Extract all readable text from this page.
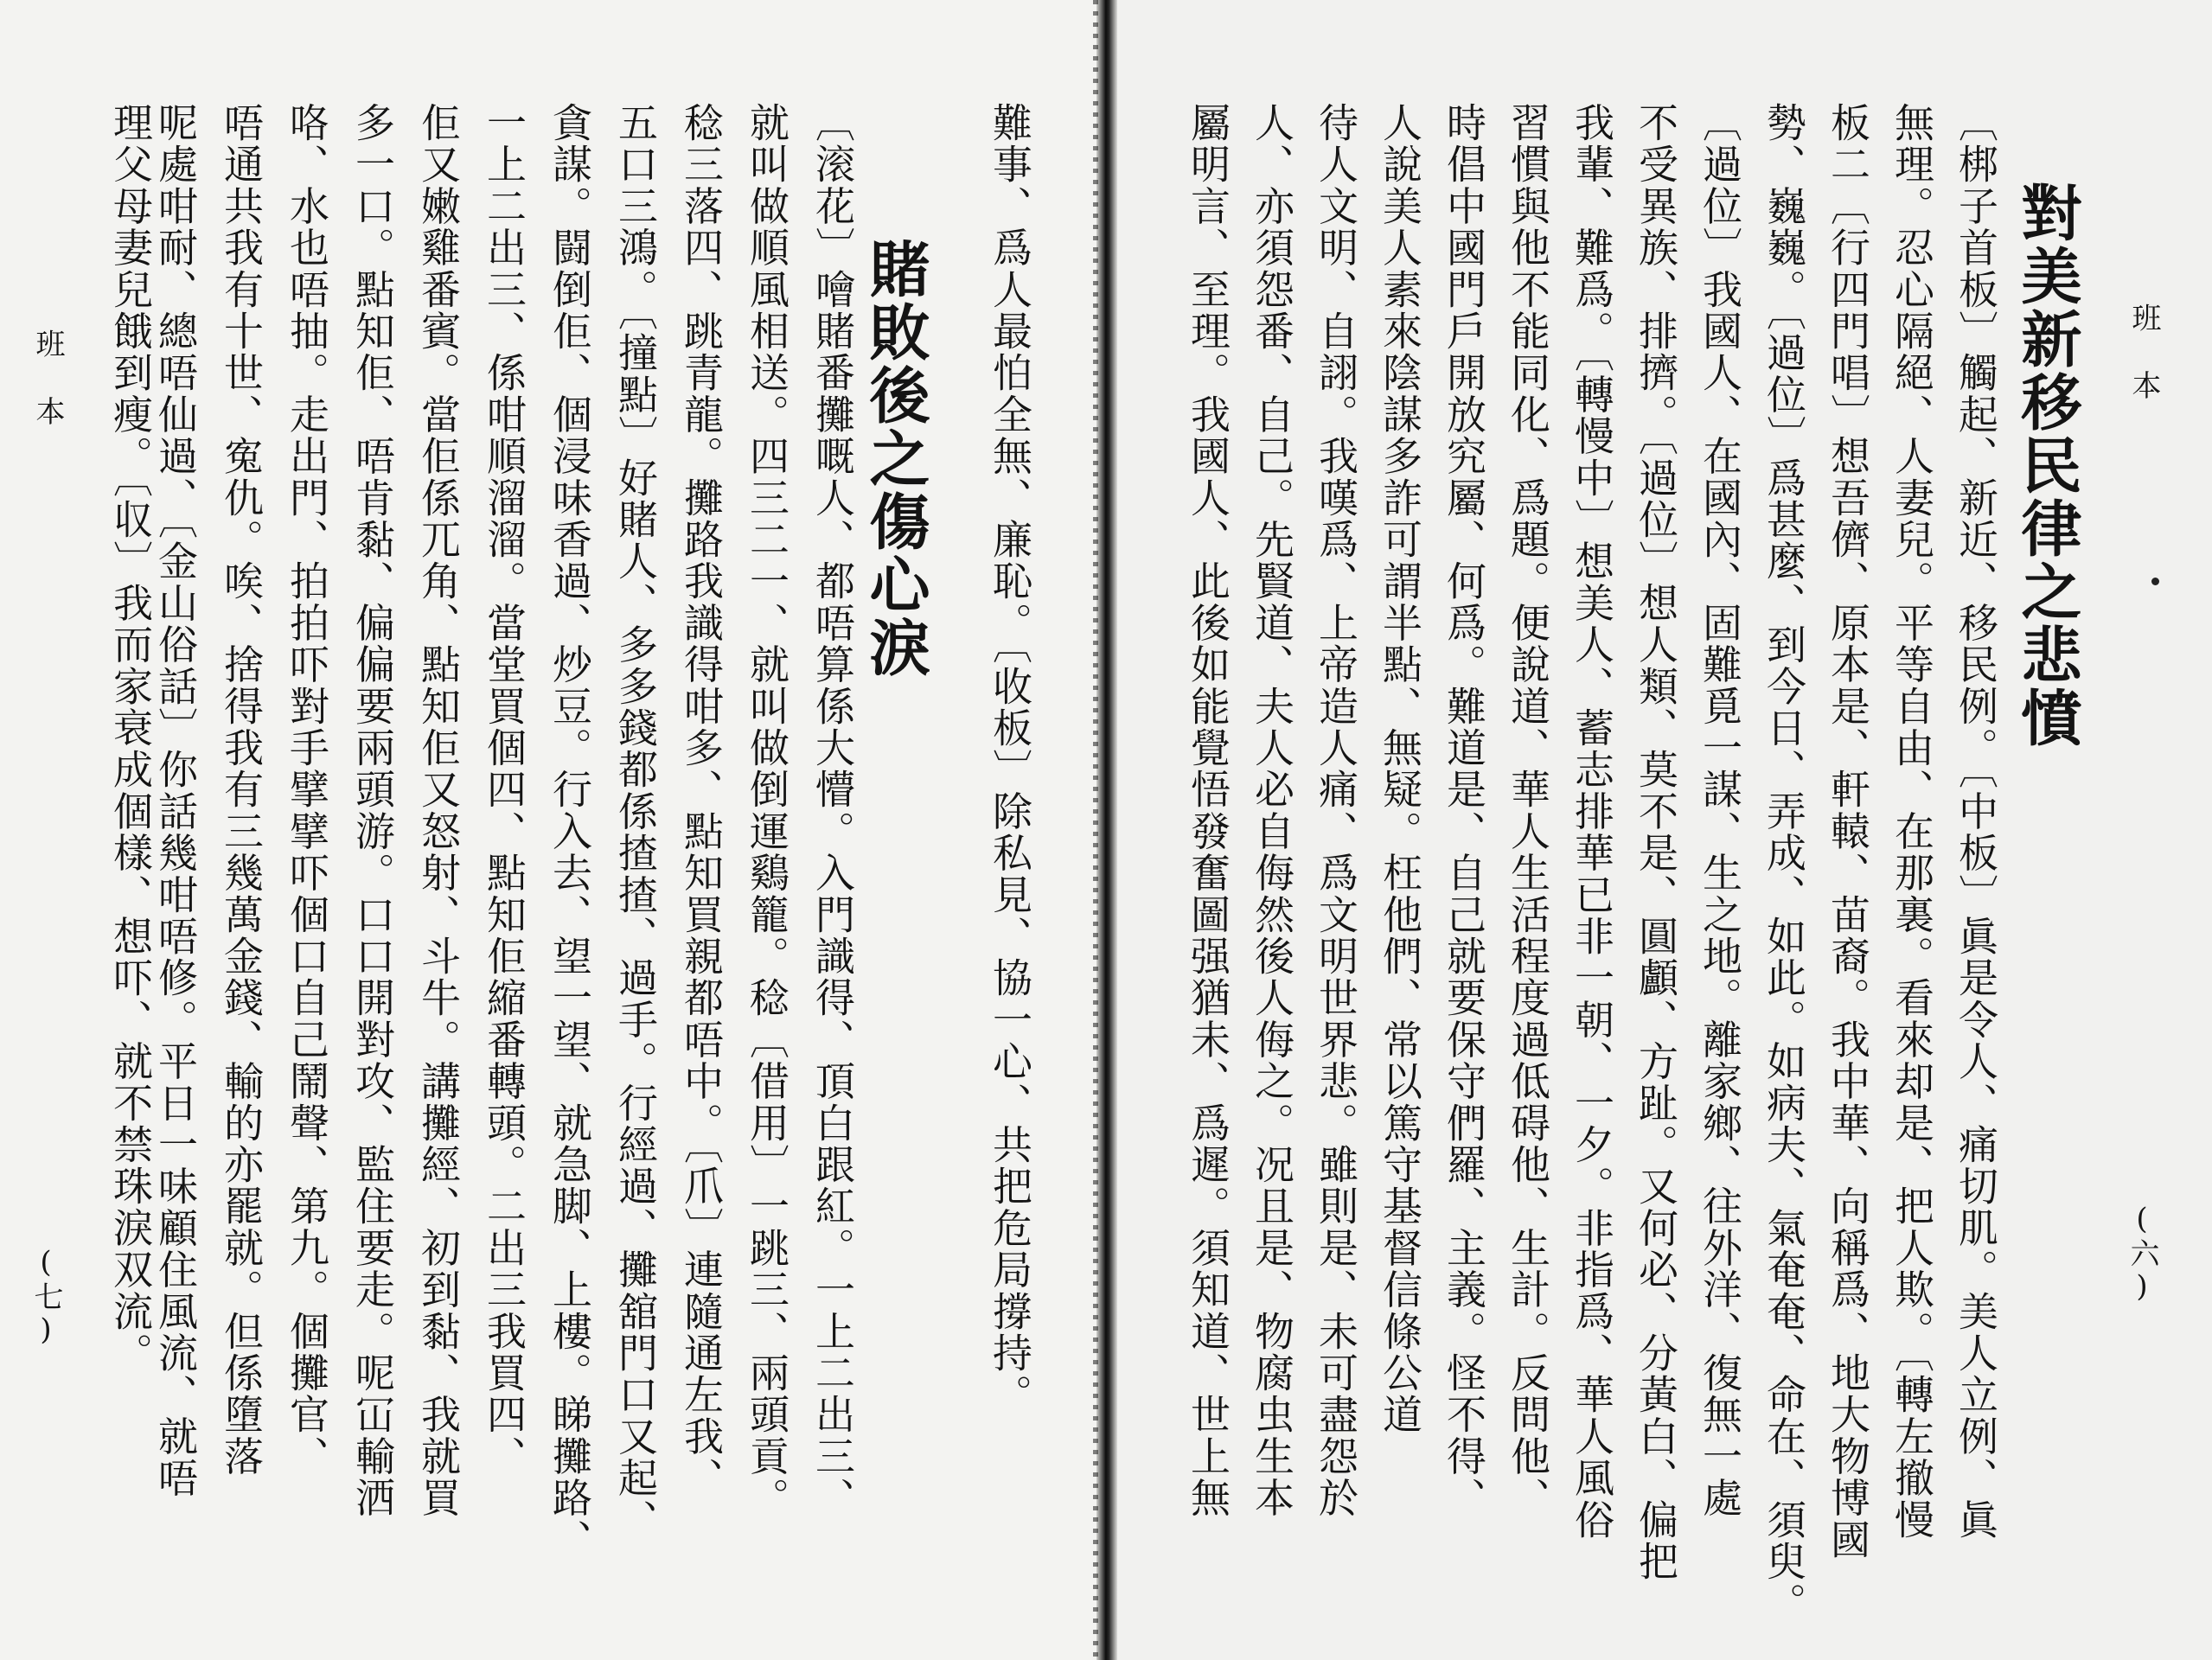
班本
(七)	難事、爲人最怕全無、廉恥。〔收板〕除私見、協一心、共把危局撐持。
賭敗後之傷心淚
〔滚花〕噲賭番攤嘅人、都唔算係大懵。入門識得、頂白跟紅。一上二出三、
就叫做順風相送。四三二一、就叫做倒運鷄籠。稔〔借用〕一跳三、兩頭貢。
稔三落四、跳青龍。攤路我識得咁多、點知買親都唔中。〔爪〕連隨通左我、
五口三鴻。〔撞點〕好賭人、多多錢都係揸揸、過手。行經過、攤舘門口又起、
貪謀。闘倒佢、個浸味香過、炒豆。行入去、望一望、就急脚、上樓。睇攤路、
一上二出三、係咁順溜溜。當堂買個四、點知佢縮番轉頭。二出三我買四、
佢又嫩雞番賓。當佢係兀角、點知佢又怒射、斗牛。講攤經、初到黏、我就買
多一口。點知佢、唔肯黏、偏偏要兩頭游。口口開對攻、監住要走。呢冚輸洒
咯、水也唔抽。走出門、拍拍吓對手擘擘吓個口自己鬧聲、第九。個攤官、
唔通共我有十世、寃仇。唉、捨得我有三幾萬金錢、輸的亦罷就。但係墮落
呢處咁耐、總唔仙過、〔金山俗話〕你話幾咁唔修。平日一味顧住風流、就唔
理父母妻兒餓到瘦。〔収〕我而家衰成個樣、想吓、就不禁珠淚双流。	班本
(六)
對美新移民律之悲憤
〔梆子首板〕觸起、新近、移民例。〔中板〕眞是令人、痛切肌。美人立例、眞
無理。忍心隔絕、人妻兒。平等自由、在那裏。看來却是、把人欺。〔轉左撤慢
板二〔行四門唱〕想吾儕、原本是、軒轅、苗裔。我中華、向稱爲、地大物博國
勢、巍巍。〔過位〕爲甚麼、到今日、弄成、如此。如病夫、氣奄奄、命在、須臾。
〔過位〕我國人、在國內、固難覓一謀、生之地。離家鄉、往外洋、復無一處
不受異族、排擠。〔過位〕想人類、莫不是、圓顱、方趾。又何必、分黃白、偏把
我輩、難爲。〔轉慢中〕想美人、蓄志排華已非一朝、一夕。非指爲、華人風俗
習慣與他不能同化、爲題。便說道、華人生活程度過低碍他、生計。反問他、
時倡中國門戶開放究屬、何爲。難道是、自己就要保守們羅、主義。怪不得、
人說美人素來陰謀多詐可謂半點、無疑。枉他們、常以篤守基督信條公道
待人文明、自詡。我嘆爲、上帝造人痛、爲文明世界悲。雖則是、未可盡怨於
人、亦須怨番、自己。先賢道、夫人必自侮然後人侮之。况且是、物腐虫生本
屬明言、至理。我國人、此後如能覺悟發奮圖强猶未、爲遲。須知道、世上無
